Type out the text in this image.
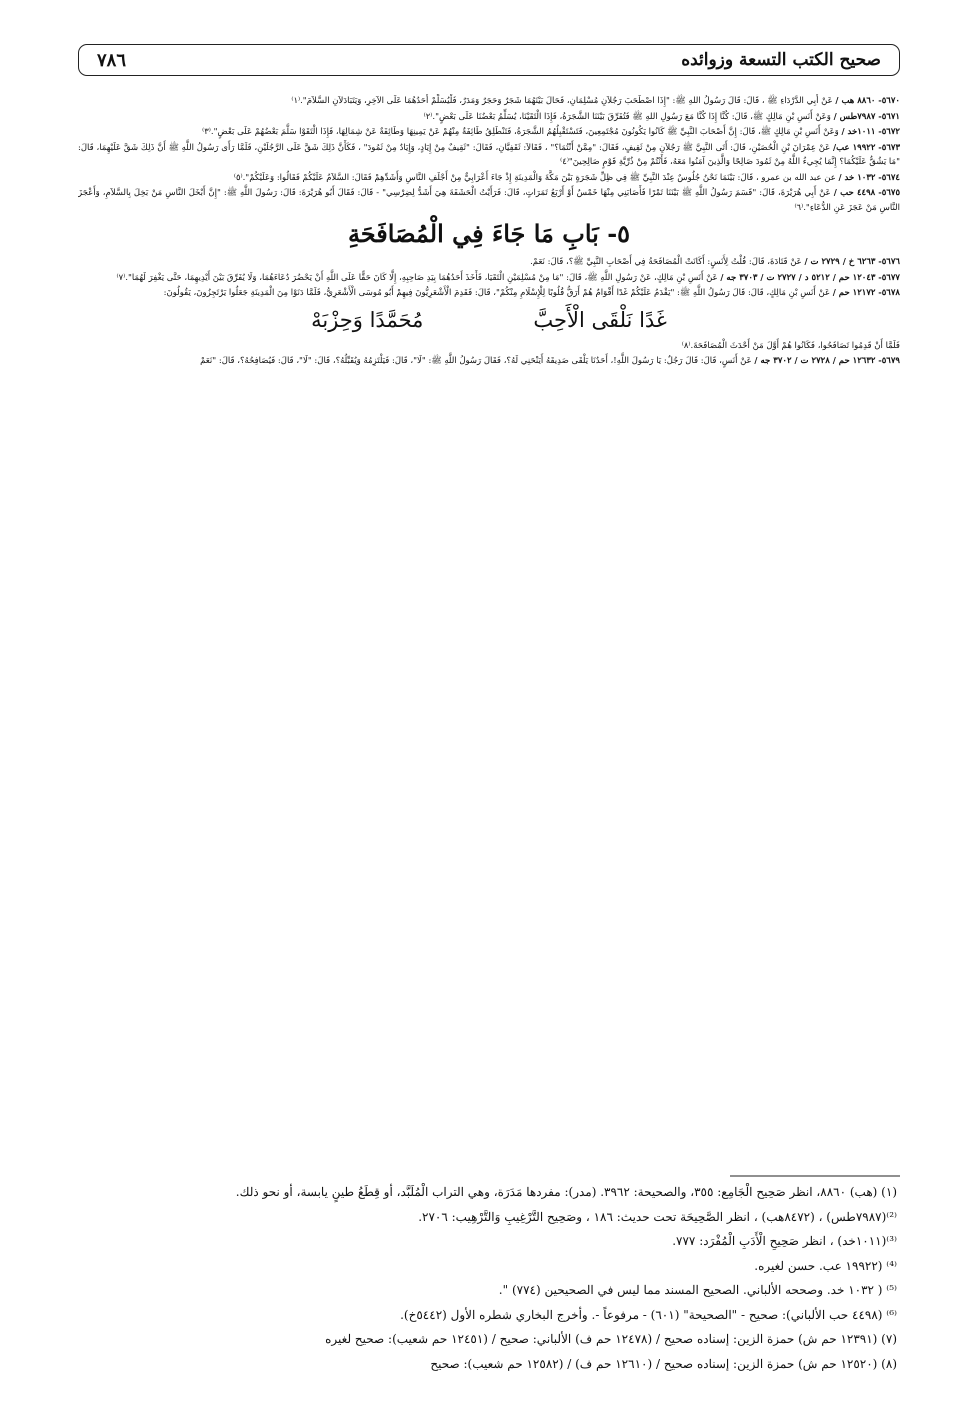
صحيح الكتب التسعة وزوائده
٧٨٦

٥٦٧٠- ٨٨٦٠ هب / عَنْ أَبِي الدَّرْدَاءِ ﷺ ، قَالَ: قَالَ رَسُولُ اللهِ ﷺ: "إِذَا اصْطَحَبَ رَجُلاَنِ مُسْلِمَانِ، فَحَالَ بَيْنَهُمَا شَجَرٌ وَحَجَرٌ وَمَدَرٌ، فَلْيُسَلِّمْ أَحَدُهُمَا عَلَى الآخِرِ، وَيَتَبَادَلاَنِ السَّلاَمَ".⁽١⁾

٥٦٧١- ٧٩٨٧طس / وَعَنْ أَنَسِ بْنِ مَالِكٍ ﷺ، قَالَ: كُنَّا إِذَا كُنَّا مَعَ رَسُولِ اللهِ ﷺ فَتُفَرِّقَ بَيْنَنَا الشَّجَرَةُ، فَإِذَا الْتَقَيْنَا، يُسَلِّمُ بَعْضُنَا عَلَى بَعْضٍ".⁽٢⁾

٥٦٧٢- ١٠١١خد / وَعَنْ أَنَسِ بْنِ مَالِكٍ ﷺ، قَالَ: إِنَّ أَصْحَابَ النَّبِيِّ ﷺ كَانُوا يَكُونُونَ مُجْتَمِعِينَ، فَتَسْتَقْبِلُهُمُ الشَّجَرَةُ، فَتَنْطَلِقُ طَائِفَةٌ مِنْهُمْ عَنْ يَمِينِهَا وَطَائِفَةٌ عَنْ شِمَالِهَا، فَإِذَا الْتَقَوْا سَلَّمَ بَعْضُهُمْ عَلَى بَعْضٍ".⁽٣⁾

٥٦٧٣- ١٩٩٢٢ عب/ عَنْ عِمْرَانَ بْنِ الْحُصَيْنِ، قَالَ: أَتَى النَّبِيَّ ﷺ رَجُلاَنِ مِنْ ثَقِيفٍ، فَقَالَ: "مِمَّنْ أَنْتُمَا؟" ، فَقَالاَ: ثَقَفِيَّانِ، فَقَالَ: "ثَقِيفٌ مِنْ إِيَادٍ، وَإِيَادٌ مِنْ ثَمُودَ" ، فَكَأَنَّ ذَلِكَ شَقَّ عَلَى الرَّجُلَيْنِ، فَلَمَّا رَأَى رَسُولُ اللَّهِ ﷺ أَنَّ ذَلِكَ شَقَّ عَلَيْهِمَا، قَالَ: "مَا يَشُقُّ عَلَيْكُمَا؟ إِنَّمَا يُجِيءُ اللَّهُ مِنْ ثَمُودَ صَالِحًا وَالَّذِينَ آمَنُوا مَعَهُ، فَأَنْتُمْ مِنْ ذُرِّيَّةِ قَوْمٍ صَالِحِينَ"⁽٤⁾

٥٦٧٤- ١٠٣٢ خد / عن عبد الله بن عمرو ، قَالَ: بَيْنَمَا نَحْنُ جُلُوسٌ عِنْدَ النَّبِيِّ ﷺ فِي ظِلِّ شَجَرَةٍ بَيْنَ مَكَّةَ وَالْمَدِينَةِ إِذْ جَاءَ أَعْرَابِيٌّ مِنْ أَجْلَفِ النَّاسِ وَأَشَدِّهِمْ فَقَالَ: السَّلاَمُ عَلَيْكُمْ فَقَالُوا: وَعَلَيْكُمْ".⁽٥⁾

٥٦٧٥- ٤٤٩٨ حب / عَنْ أَبِي هُرَيْرَةَ، قَالَ: "قَسَمَ رَسُولُ اللَّهِ ﷺ بَيْنَنَا تَمْرًا فَأَصَابَنِي مِنْهَا خَمْسٌ أَوْ أَرْبَعُ تَمَرَاتٍ، قَالَ: فَرَأَيْتُ الْحَشَفَةَ هِيَ أَشَدُّ لِضِرْسِي" - قَالَ: فَقَالَ أَبُو هُرَيْرَةَ: قَالَ: رَسُولَ اللَّهِ ﷺ: "إِنَّ أَبْخَلَ النَّاسِ مَنْ بَخِلَ بِالسَّلاَمِ، وَأَعْجَزَ النَّاسِ مَنْ عَجَزَ عَنِ الدُّعَاءِ".⁽٦⁾

٥- بَابِ مَا جَاءَ فِي الْمُصَافَحَةِ

٥٦٧٦- ٦٢٦٣ خ / ٢٧٢٩ ت / عَنْ قَتَادَةَ، قَالَ: قُلْتُ لِأَنَسٍ: أَكَانَتْ الْمُصَافَحَةُ فِي أَصْحَابِ النَّبِيِّ ﷺ؟، قَالَ: نَعَمْ.

٥٦٧٧- ١٢٠٤٣ حم / ٥٢١٢ د / ٢٧٢٧ ت / ٣٧٠٣ جه / عَنْ أَنَسِ بْنِ مَالِكٍ، عَنْ رَسُولِ اللَّهِ ﷺ، قَالَ: "مَا مِنْ مُسْلِمَيْنِ الْتَقَيَا، فَأَخَذَ أَحَدُهُمَا بِيَدِ صَاحِبِهِ، إِلَّا كَانَ حَقًّا عَلَى اللَّهِ أَنْ يَحْضُرَ دُعَاءَهُمَا، وَلَا يُفَرِّقَ بَيْنَ أَيْدِيهِمَا، حَتَّى يَغْفِرَ لَهُمَا".⁽٧⁾

٥٦٧٨- ١٢١٧٢ حم / عَنْ أَنَسِ بْنِ مَالِكٍ، قَالَ: قَالَ رَسُولُ اللَّهِ ﷺ: "يَقْدَمُ عَلَيْكُمْ غَدًا أَقْوَامٌ هُمْ أَرَقُّ قُلُوبًا لِلْإِسْلَامِ مِنْكُمْ"، قَالَ: فَقَدِمَ الْأَشْعَرِيُّونَ فِيهِمْ أَبُو مُوسَى الْأَشْعَرِيُّ، فَلَمَّا دَنَوْا مِنَ الْمَدِينَةِ جَعَلُوا يَرْتَجِزُونَ، يَقُولُونَ:

غَدًا نَلْقَى الْأَحِبَّ
مُحَمَّدًا وَحِزْبَهْ

فَلَمَّا أَنْ قَدِمُوا تَصَافَحُوا، فَكَانُوا هُمْ أَوَّلَ مَنْ أَحْدَثَ الْمُصَافَحَةَ.⁽٨⁾

٥٦٧٩- ١٢٦٣٢ حم / ٢٧٢٨ ت / ٣٧٠٢ جه / عَنْ أَنَسٍ، قَالَ: قَالَ رَجُلٌ: يَا رَسُولَ اللَّهِ!، أَحَدُنَا يَلْقَى صَدِيقَهُ أَيَنْحَنِي لَهُ؟، فَقَالَ رَسُولُ اللَّهِ ﷺ: "لَا"، قَالَ: فَيَلْتَزِمُهُ وَيُقَبِّلُهُ؟، قَالَ: "لَا"، قَالَ: فَيُصَافِحُهُ؟، قَالَ: "نَعَمْ

(١) (هب) ٨٨٦٠، انظر صَحِيح الْجَامِع: ٣٥٥، والصحيحة: ٣٩٦٢. (مدر): مفردها مَدَرَة، وهي التراب الْمُلَبَّد، أو قِطَعُ طينٍ يابسة، أو نحو ذلك.
⁽²⁾(٧٩٨٧طس) ، (٨٤٧٢هب) ، انظر الصَّحِيحَة تحت حديث: ١٨٦ ، وصَحِيح التَّرْغِيبِ وَالتَّرْهِيب: ٢٧٠٦.
⁽³⁾(١٠١١خد) ، انظر صَحِيحِ الْأَدَبِ الْمُفْرَد: ٧٧٧.
⁽⁴⁾ (١٩٩٢٢ عب. حسن لغيره.
⁽⁵⁾ ( ١٠٣٢ خد. وصححه الألباني. الصحيح المسند مما ليس في الصحيحين (٧٧٤) ".
⁽⁶⁾ (٤٤٩٨ حب الألباني): صحيح - "الصحيحة" (٦٠١) - مرفوعاً -. وأخرج البخاري شطره الأول (٥٤٤٢خ).
(٧) (١٢٣٩١ حم ش) حمزة الزين: إسناده صحيح / (١٢٤٧٨ حم ف) الألباني: صحيح / (١٢٤٥١ حم شعيب): صحيح لغيره
(٨) (١٢٥٢٠ حم ش) حمزة الزين: إسناده صحيح / (١٢٦١٠ حم ف) / (١٢٥٨٢ حم شعيب): صحيح
